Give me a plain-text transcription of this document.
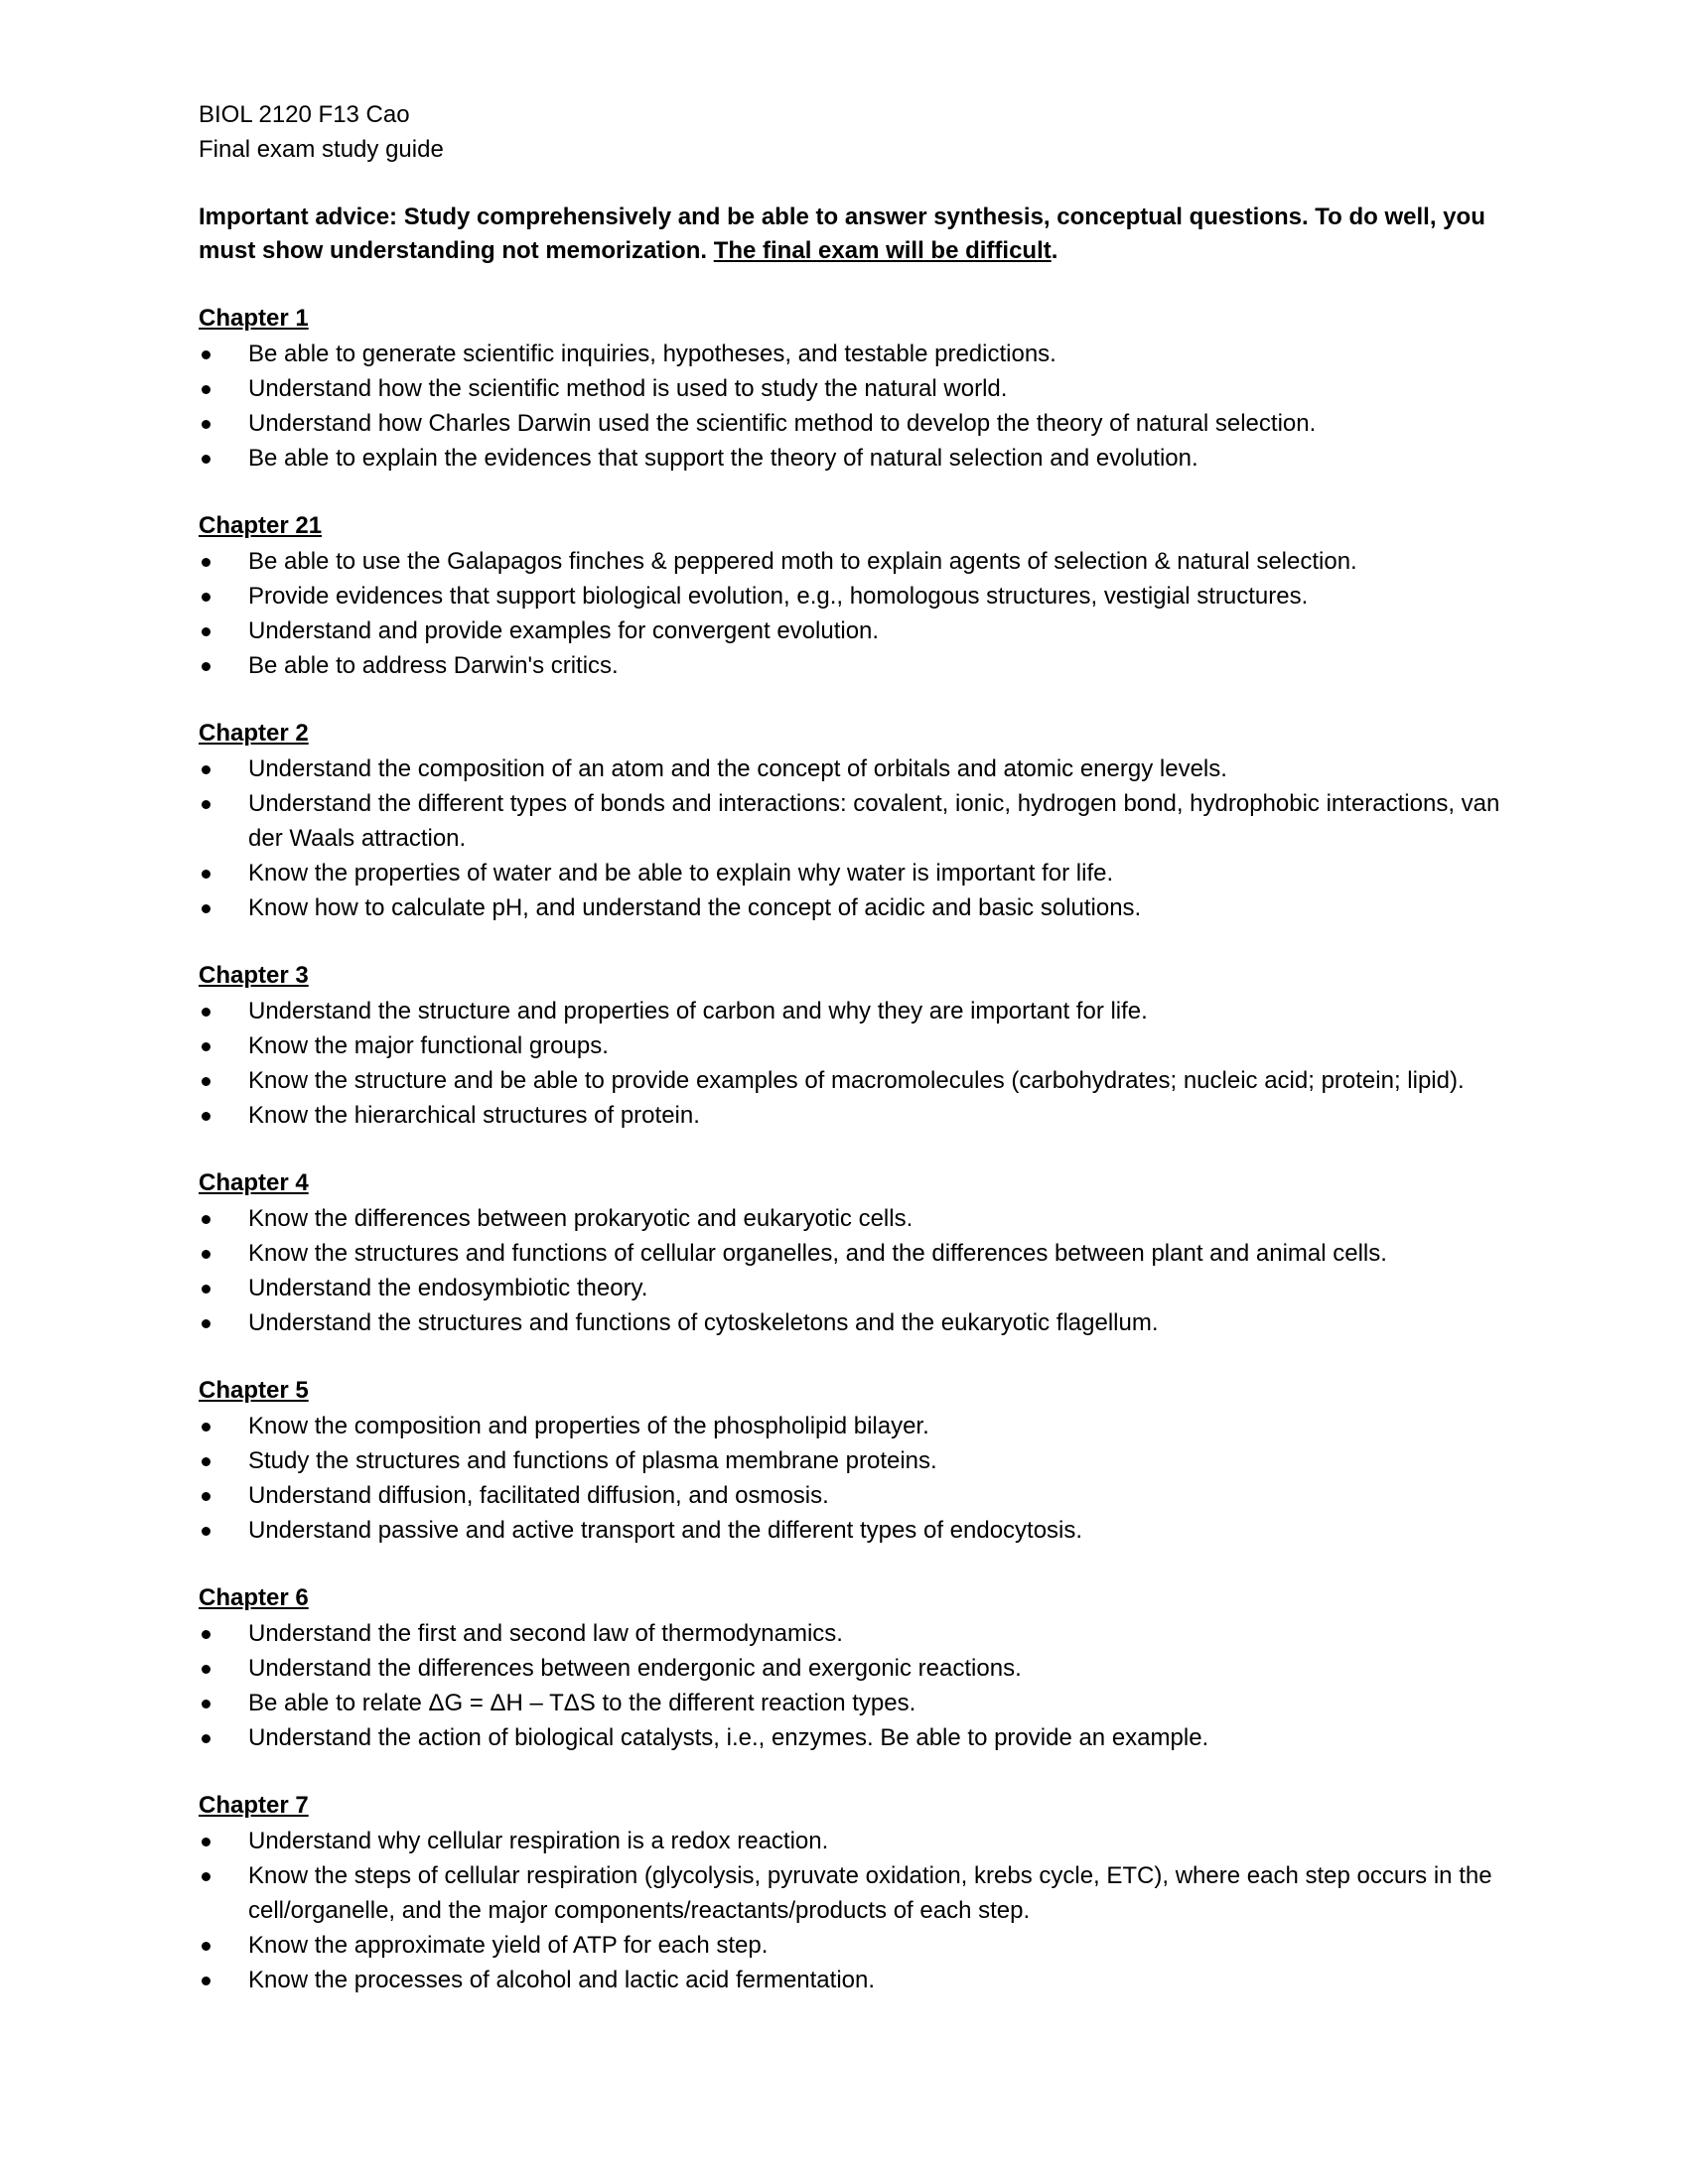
BIOL 2120 F13 Cao

Final exam study guide

Important advice: Study comprehensively and be able to answer synthesis, conceptual questions. To do well, you must show understanding not memorization. The final exam will be difficult.

Chapter 1

Be able to generate scientific inquiries, hypotheses, and testable predictions.
Understand how the scientific method is used to study the natural world.
Understand how Charles Darwin used the scientific method to develop the theory of natural selection.
Be able to explain the evidences that support the theory of natural selection and evolution.

Chapter 21

Be able to use the Galapagos finches & peppered moth to explain agents of selection & natural selection.
Provide evidences that support biological evolution, e.g., homologous structures, vestigial structures.
Understand and provide examples for convergent evolution.
Be able to address Darwin's critics.

Chapter 2

Understand the composition of an atom and the concept of orbitals and atomic energy levels.
Understand the different types of bonds and interactions: covalent, ionic, hydrogen bond, hydrophobic interactions, van der Waals attraction.
Know the properties of water and be able to explain why water is important for life.
Know how to calculate pH, and understand the concept of acidic and basic solutions.

Chapter 3

Understand the structure and properties of carbon and why they are important for life.
Know the major functional groups.
Know the structure and be able to provide examples of macromolecules (carbohydrates; nucleic acid; protein; lipid).
Know the hierarchical structures of protein.

Chapter 4

Know the differences between prokaryotic and eukaryotic cells.
Know the structures and functions of cellular organelles, and the differences between plant and animal cells.
Understand the endosymbiotic theory.
Understand the structures and functions of cytoskeletons and the eukaryotic flagellum.

Chapter 5

Know the composition and properties of the phospholipid bilayer.
Study the structures and functions of plasma membrane proteins.
Understand diffusion, facilitated diffusion, and osmosis.
Understand passive and active transport and the different types of endocytosis.

Chapter 6

Understand the first and second law of thermodynamics.
Understand the differences between endergonic and exergonic reactions.
Be able to relate ΔG = ΔH – TΔS to the different reaction types.
Understand the action of biological catalysts, i.e., enzymes. Be able to provide an example.

Chapter 7

Understand why cellular respiration is a redox reaction.
Know the steps of cellular respiration (glycolysis, pyruvate oxidation, krebs cycle, ETC), where each step occurs in the cell/organelle, and the major components/reactants/products of each step.
Know the approximate yield of ATP for each step.
Know the processes of alcohol and lactic acid fermentation.
